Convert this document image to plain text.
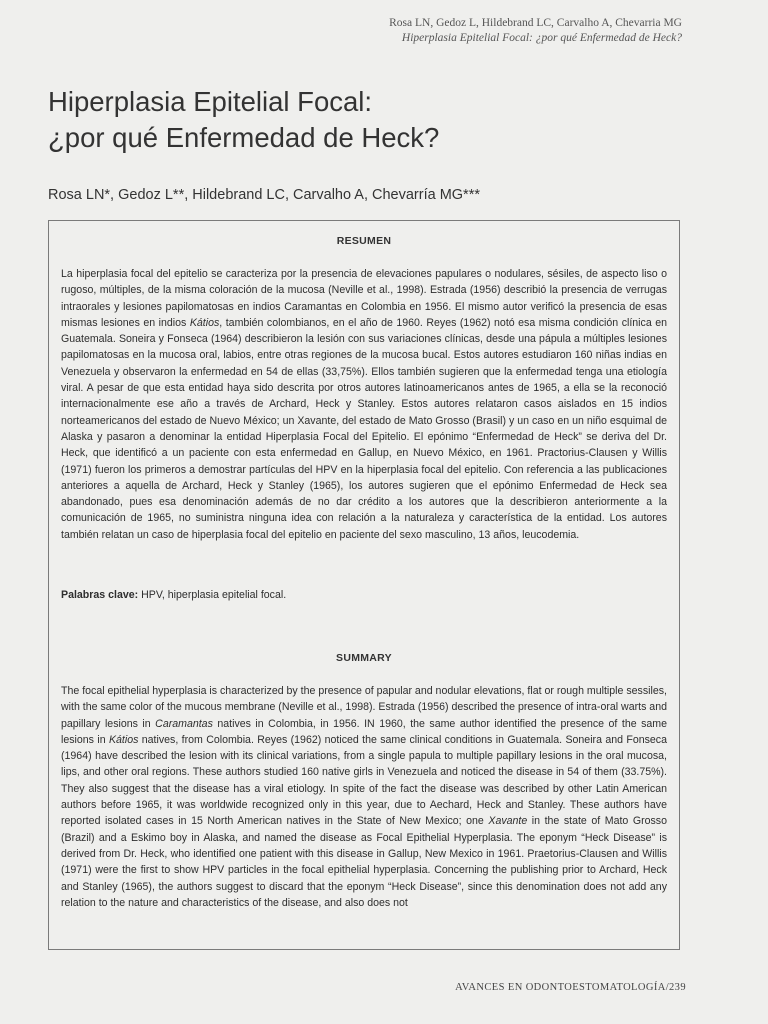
Rosa LN, Gedoz L, Hildebrand LC, Carvalho A, Chevarria MG
Hiperplasia Epitelial Focal: ¿por qué Enfermedad de Heck?
Hiperplasia Epitelial Focal:
¿por qué Enfermedad de Heck?
Rosa LN*, Gedoz L**, Hildebrand LC, Carvalho A, Chevarría MG***
RESUMEN

La hiperplasia focal del epitelio se caracteriza por la presencia de elevaciones papulares o nodulares, sésiles, de aspecto liso o rugoso, múltiples, de la misma coloración de la mucosa (Neville et al., 1998). Estrada (1956) describió la presencia de verrugas intraorales y lesiones papilomatosas en indios Caramantas en Colombia en 1956. El mismo autor verificó la presencia de esas mismas lesiones en indios Kátios, también colombianos, en el año de 1960. Reyes (1962) notó esa misma condición clínica en Guatemala. Soneira y Fonseca (1964) describieron la lesión con sus variaciones clínicas, desde una pápula a múltiples lesiones papilomatosas en la mucosa oral, labios, entre otras regiones de la mucosa bucal. Estos autores estudiaron 160 niñas indias en Venezuela y observaron la enfermedad en 54 de ellas (33,75%). Ellos también sugieren que la enfermedad tenga una etiología viral. A pesar de que esta entidad haya sido descrita por otros autores latinoamericanos antes de 1965, a ella se la reconoció internacionalmente ese año a través de Archard, Heck y Stanley. Estos autores relataron casos aislados en 15 indios norteamericanos del estado de Nuevo México; un Xavante, del estado de Mato Grosso (Brasil) y un caso en un niño esquimal de Alaska y pasaron a denominar la entidad Hiperplasia Focal del Epitelio. El epónimo “Enfermedad de Heck” se deriva del Dr. Heck, que identificó a un paciente con esta enfermedad en Gallup, en Nuevo México, en 1961. Practorius-Clausen y Willis (1971) fueron los primeros a demostrar partículas del HPV en la hiperplasia focal del epitelio. Con referencia a las publicaciones anteriores a aquella de Archard, Heck y Stanley (1965), los autores sugieren que el epónimo Enfermedad de Heck sea abandonado, pues esa denominación además de no dar crédito a los autores que la describieron anteriormente a la comunicación de 1965, no suministra ninguna idea con relación a la naturaleza y característica de la entidad. Los autores también relatan un caso de hiperplasia focal del epitelio en paciente del sexo masculino, 13 años, leucodemia.

Palabras clave: HPV, hiperplasia epitelial focal.

SUMMARY

The focal epithelial hyperplasia is characterized by the presence of papular and nodular elevations, flat or rough multiple sessiles, with the same color of the mucous membrane (Neville et al., 1998). Estrada (1956) described the presence of intra-oral warts and papillary lesions in Caramantas natives in Colombia, in 1956. IN 1960, the same author identified the presence of the same lesions in Kátios natives, from Colombia. Reyes (1962) noticed the same clinical conditions in Guatemala. Soneira and Fonseca (1964) have described the lesion with its clinical variations, from a single papula to multiple papillary lesions in the oral mucosa, lips, and other oral regions. These authors studied 160 native girls in Venezuela and noticed the disease in 54 of them (33.75%). They also suggest that the disease has a viral etiology. In spite of the fact the disease was described by other Latin American authors before 1965, it was worldwide recognized only in this year, due to Aechard, Heck and Stanley. These authors have reported isolated cases in 15 North American natives in the State of New Mexico; one Xavante in the state of Mato Grosso (Brazil) and a Eskimo boy in Alaska, and named the disease as Focal Epithelial Hyperplasia. The eponym “Heck Disease” is derived from Dr. Heck, who identified one patient with this disease in Gallup, New Mexico in 1961. Praetorius-Clausen and Willis (1971) were the first to show HPV particles in the focal epithelial hyperplasia. Concerning the publishing prior to Archard, Heck and Stanley (1965), the authors suggest to discard that the eponym “Heck Disease”, since this denomination does not add any relation to the nature and characteristics of the disease, and also does not

AVANCES EN ODONTOESTOMATOLOGÍA/239
